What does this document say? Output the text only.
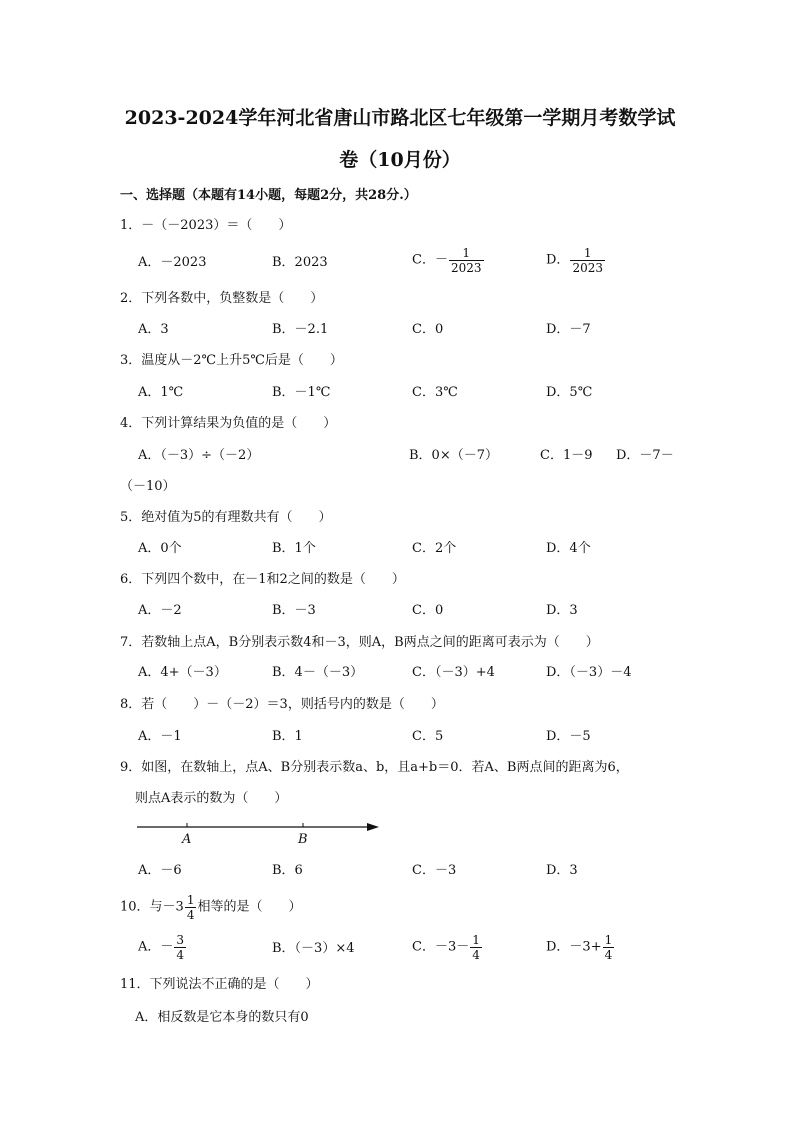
2023-2024学年河北省唐山市路北区七年级第一学期月考数学试
卷（10月份）
一、选择题（本题有14小题，每题2分，共28分.）
1．－（－2023）＝（　　）
A．－2023	B．2023	C．－ $\frac{1}{2023}$	D． $\frac{1}{2023}$
2．下列各数中，负整数是（　　）
A．3	B．－2.1	C．0	D．－7
3．温度从－2℃上升5℃后是（　　）
A．1℃	B．－1℃	C．3℃	D．5℃
4．下列计算结果为负值的是（　　）
A．（－3）÷（－2）	B．0×（－7）	C．1－9 D．－7－
（－10）
5．绝对值为5的有理数共有（　　）
A．0个	B．1个	C．2个	D．4个
6．下列四个数中，在－1和2之间的数是（　　）
A．－2	B．－3	C．0	D．3
7．若数轴上点A，B分别表示数4和－3，则A，B两点之间的距离可表示为（　　）
A．4+（－3）	B．4－（－3）	C．（－3）+4	D．（－3）－4
8．若（　　）－（－2）＝3，则括号内的数是（　　）
A．－1	B．1	C．5	D．－5
9．如图，在数轴上，点A、B分别表示数a、b，且a+b＝0．若A、B两点间的距离为6，
则点A表示的数为（　　）
A	B
A．－6	B．6	C．－3	D．3
10．与$-3 \frac{1}{4}$ 相等的是（　　）
A．－ $\frac{3}{4}$	B．（－3）×4	C．$-3- \frac{1}{4}$	D．$-3+ \frac{1}{4}$
11．下列说法不正确的是（　　）
A．相反数是它本身的数只有0
